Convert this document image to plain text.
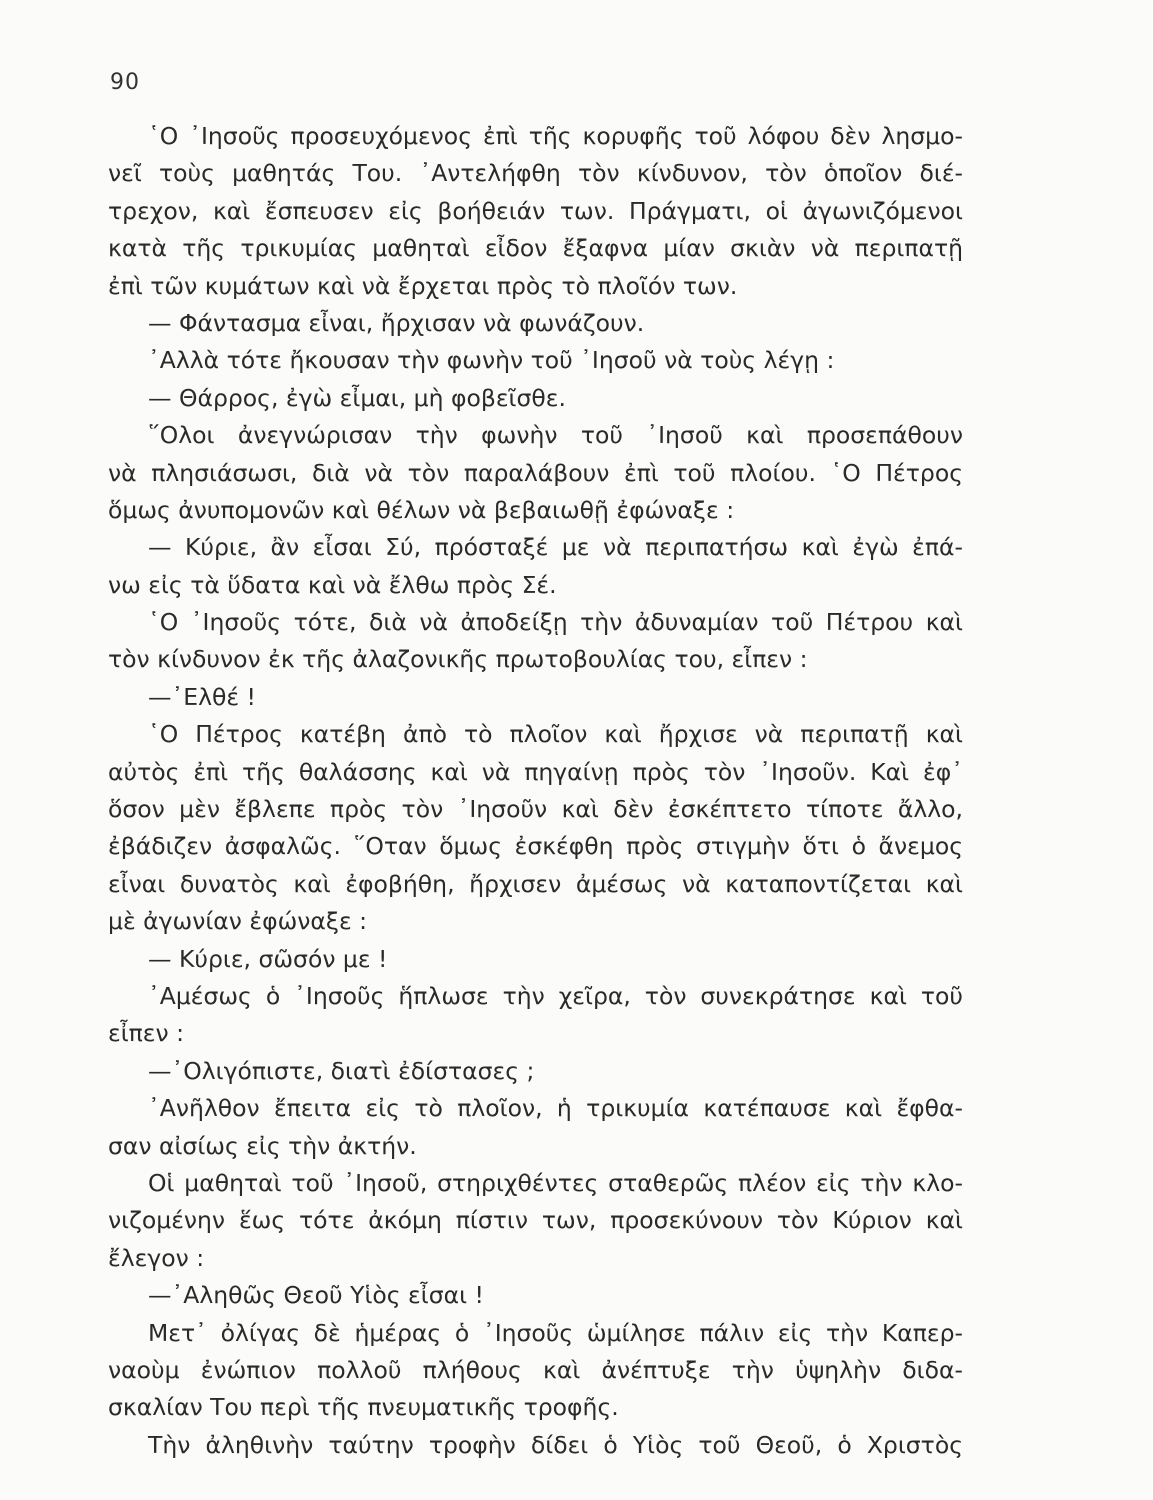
90
῾Ο ᾿Ιησοῦς προσευχόμενος ἐπὶ τῆς κορυφῆς τοῦ λόφου δὲν λησμο-
νεῖ τοὺς μαθητάς Του. ᾿Αντελήφθη τὸν κίνδυνον, τὸν ὁποῖον διέ-
τρεχον, καὶ ἔσπευσεν εἰς βοήθειάν των. Πράγματι, οἱ ἀγωνιζόμενοι
κατὰ τῆς τρικυμίας μαθηταὶ εἶδον ἔξαφνα μίαν σκιὰν νὰ περιπατῇ
ἐπὶ τῶν κυμάτων καὶ νὰ ἔρχεται πρὸς τὸ πλοῖόν των.
— Φάντασμα εἶναι, ἤρχισαν νὰ φωνάζουν.
᾿Αλλὰ τότε ἤκουσαν τὴν φωνὴν τοῦ ᾿Ιησοῦ νὰ τοὺς λέγῃ :
— Θάρρος, ἐγὼ εἶμαι, μὴ φοβεῖσθε.
῞Ολοι ἀνεγνώρισαν τὴν φωνὴν τοῦ ᾿Ιησοῦ καὶ προσεπάθουν
νὰ πλησιάσωσι, διὰ νὰ τὸν παραλάβουν ἐπὶ τοῦ πλοίου. ῾Ο Πέτρος
ὅμως ἀνυπομονῶν καὶ θέλων νὰ βεβαιωθῇ ἐφώναξε :
— Κύριε, ἂν εἶσαι Σύ, πρόσταξέ με νὰ περιπατήσω καὶ ἐγὼ ἐπά-
νω εἰς τὰ ὕδατα καὶ νὰ ἔλθω πρὸς Σέ.
῾Ο ᾿Ιησοῦς τότε, διὰ νὰ ἀποδείξῃ τὴν ἀδυναμίαν τοῦ Πέτρου καὶ
τὸν κίνδυνον ἐκ τῆς ἀλαζονικῆς πρωτοβουλίας του, εἶπεν :
—᾿Ελθέ !
῾Ο Πέτρος κατέβη ἀπὸ τὸ πλοῖον καὶ ἤρχισε νὰ περιπατῇ καὶ
αὐτὸς ἐπὶ τῆς θαλάσσης καὶ νὰ πηγαίνῃ πρὸς τὸν ᾿Ιησοῦν. Καὶ ἐφ᾿
ὅσον μὲν ἔβλεπε πρὸς τὸν ᾿Ιησοῦν καὶ δὲν ἐσκέπτετο τίποτε ἄλλο,
ἐβάδιζεν ἀσφαλῶς. ῞Οταν ὅμως ἐσκέφθη πρὸς στιγμὴν ὅτι ὁ ἄνεμος
εἶναι δυνατὸς καὶ ἐφοβήθη, ἤρχισεν ἀμέσως νὰ καταποντίζεται καὶ
μὲ ἀγωνίαν ἐφώναξε :
— Κύριε, σῶσόν με !
᾿Αμέσως ὁ ᾿Ιησοῦς ἥπλωσε τὴν χεῖρα, τὸν συνεκράτησε καὶ τοῦ
εἶπεν :
—᾿Ολιγόπιστε, διατὶ ἐδίστασες ;
᾿Ανῆλθον ἔπειτα εἰς τὸ πλοῖον, ἡ τρικυμία κατέπαυσε καὶ ἔφθα-
σαν αἰσίως εἰς τὴν ἀκτήν.
Οἱ μαθηταὶ τοῦ ᾿Ιησοῦ, στηριχθέντες σταθερῶς πλέον εἰς τὴν κλο-
νιζομένην ἕως τότε ἀκόμη πίστιν των, προσεκύνουν τὸν Κύριον καὶ
ἔλεγον :
—᾿Αληθῶς Θεοῦ Υἱὸς εἶσαι !
Μετ᾿ ὀλίγας δὲ ἡμέρας ὁ ᾿Ιησοῦς ὡμίλησε πάλιν εἰς τὴν Καπερ-
ναοὺμ ἐνώπιον πολλοῦ πλήθους καὶ ἀνέπτυξε τὴν ὑψηλὴν διδα-
σκαλίαν Του περὶ τῆς πνευματικῆς τροφῆς.
Τὴν ἀληθινὴν ταύτην τροφὴν δίδει ὁ Υἱὸς τοῦ Θεοῦ, ὁ Χριστὸς
